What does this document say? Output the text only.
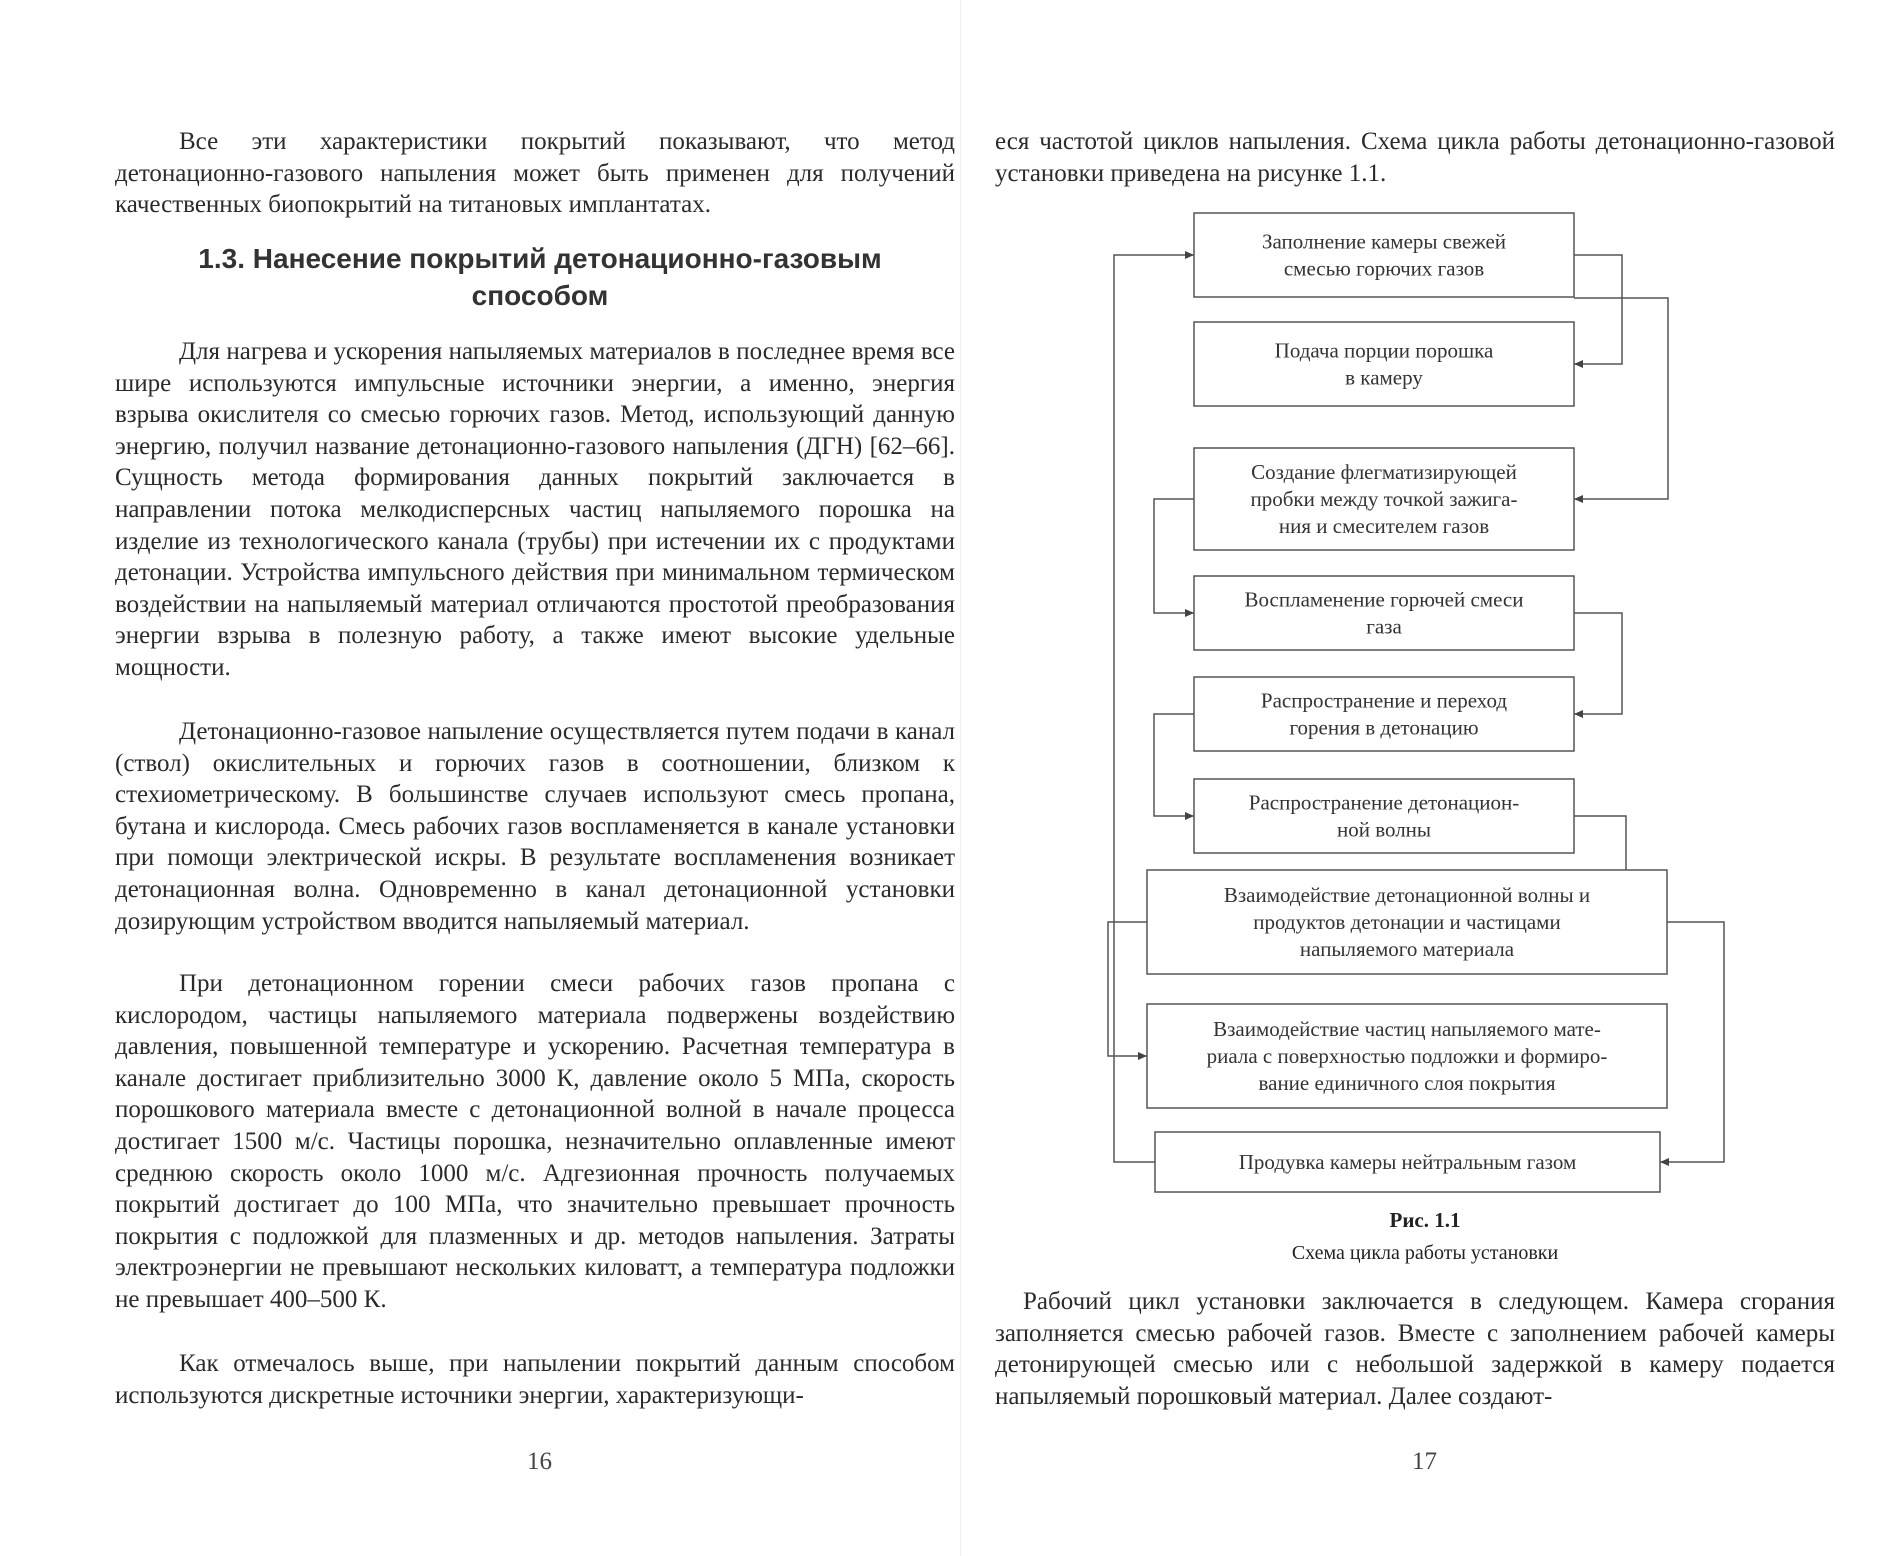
Все эти характеристики покрытий показывают, что метод детонационно-газового напыления может быть применен для получений качественных биопокрытий на титановых имплантатах.

1.3. Нанесение покрытий детонационно-газовым способом

Для нагрева и ускорения напыляемых материалов в последнее время все шире используются импульсные источники энергии, а именно, энергия взрыва окислителя со смесью горючих газов. Метод, использующий данную энергию, получил название детонационно-газового напыления (ДГН) [62–66]. Сущность метода формирования данных покрытий заключается в направлении потока мелкодисперсных частиц напыляемого порошка на изделие из технологического канала (трубы) при истечении их с продуктами детонации. Устройства импульсного действия при минимальном термическом воздействии на напыляемый материал отличаются простотой преобразования энергии взрыва в полезную работу, а также имеют высокие удельные мощности.

Детонационно-газовое напыление осуществляется путем подачи в канал (ствол) окислительных и горючих газов в соотношении, близком к стехиометрическому. В большинстве случаев используют смесь пропана, бутана и кислорода. Смесь рабочих газов воспламеняется в канале установки при помощи электрической искры. В результате воспламенения возникает детонационная волна. Одновременно в канал детонационной установки дозирующим устройством вводится напыляемый материал.

При детонационном горении смеси рабочих газов пропана с кислородом, частицы напыляемого материала подвержены воздействию давления, повышенной температуре и ускорению. Расчетная температура в канале достигает приблизительно 3000 К, давление около 5 МПа, скорость порошкового материала вместе с детонационной волной в начале процесса достигает 1500 м/с. Частицы порошка, незначительно оплавленные имеют среднюю скорость около 1000 м/с. Адгезионная прочность получаемых покрытий достигает до 100 МПа, что значительно превышает прочность покрытия с подложкой для плазменных и др. методов напыления. Затраты электроэнергии не превышают нескольких киловатт, а температура подложки не превышает 400–500 К.

Как отмечалось выше, при напылении покрытий данным способом используются дискретные источники энергии, характеризующи-

16

еся частотой циклов напыления. Схема цикла работы детонационно-газовой установки приведена на рисунке 1.1.

Рабочий цикл установки заключается в следующем. Камера сгорания заполняется смесью рабочей газов. Вместе с заполнением рабочей камеры детонирующей смесью или с небольшой задержкой в камеру подается напыляемый порошковый материал. Далее создают-

17
Заполнение камеры свежей
смесью горючих газов
Подача порции порошка
в камеру
Создание флегматизирующей
пробки между точкой зажига-
ния и смесителем газов
Воспламенение горючей смеси
газа
Распространение и переход
горения в детонацию
Распространение детонацион-
ной волны
Взаимодействие детонационной волны и
продуктов детонации и частицами
напыляемого материала
Взаимодействие частиц напыляемого мате-
риала с поверхностью подложки и формиро-
вание единичного слоя покрытия
Продувка камеры нейтральным газом
Рис. 1.1
Схема цикла работы установки
